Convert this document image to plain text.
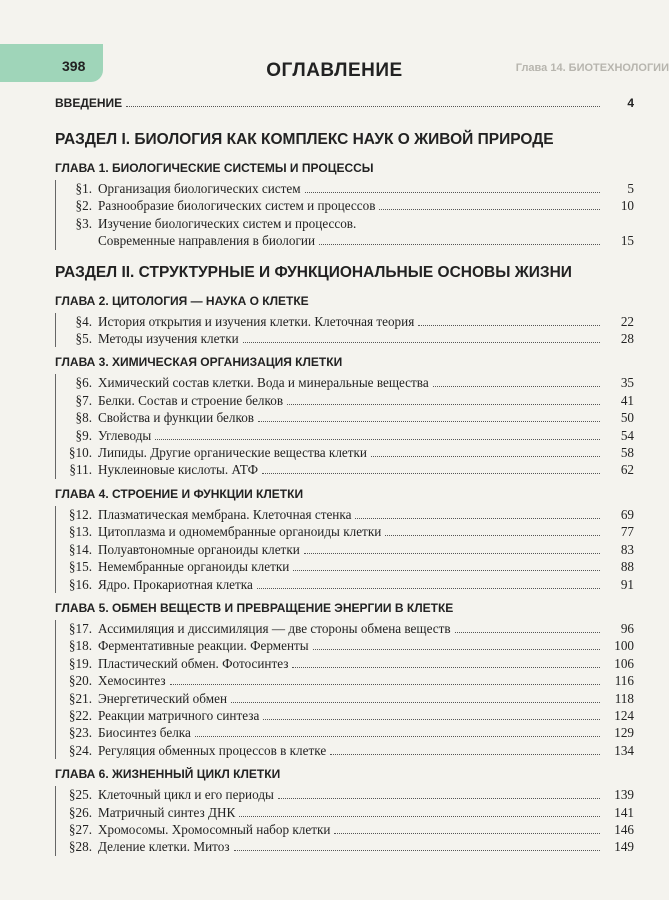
398	Глава 14. БИОТЕХНОЛОГИИ
ОГЛАВЛЕНИЕ
ВВЕДЕНИЕ	4
РАЗДЕЛ I. БИОЛОГИЯ КАК КОМПЛЕКС НАУК О ЖИВОЙ ПРИРОДЕ
ГЛАВА 1. БИОЛОГИЧЕСКИЕ СИСТЕМЫ И ПРОЦЕССЫ
§1. Организация биологических систем	5
§2. Разнообразие биологических систем и процессов	10
§3. Изучение биологических систем и процессов.
Современные направления в биологии	15
РАЗДЕЛ II. СТРУКТУРНЫЕ И ФУНКЦИОНАЛЬНЫЕ ОСНОВЫ ЖИЗНИ
ГЛАВА 2. ЦИТОЛОГИЯ — НАУКА О КЛЕТКЕ
§4. История открытия и изучения клетки. Клеточная теория	22
§5. Методы изучения клетки	28
ГЛАВА 3. ХИМИЧЕСКАЯ ОРГАНИЗАЦИЯ КЛЕТКИ
§6. Химический состав клетки. Вода и минеральные вещества	35
§7. Белки. Состав и строение белков	41
§8. Свойства и функции белков	50
§9. Углеводы	54
§10. Липиды. Другие органические вещества клетки	58
§11. Нуклеиновые кислоты. АТФ	62
ГЛАВА 4. СТРОЕНИЕ И ФУНКЦИИ КЛЕТКИ
§12. Плазматическая мембрана. Клеточная стенка	69
§13. Цитоплазма и одномембранные органоиды клетки	77
§14. Полуавтономные органоиды клетки	83
§15. Немембранные органоиды клетки	88
§16. Ядро. Прокариотная клетка	91
ГЛАВА 5. ОБМЕН ВЕЩЕСТВ И ПРЕВРАЩЕНИЕ ЭНЕРГИИ В КЛЕТКЕ
§17. Ассимиляция и диссимиляция — две стороны обмена веществ	96
§18. Ферментативные реакции. Ферменты	100
§19. Пластический обмен. Фотосинтез	106
§20. Хемосинтез	116
§21. Энергетический обмен	118
§22. Реакции матричного синтеза	124
§23. Биосинтез белка	129
§24. Регуляция обменных процессов в клетке	134
ГЛАВА 6. ЖИЗНЕННЫЙ ЦИКЛ КЛЕТКИ
§25. Клеточный цикл и его периоды	139
§26. Матричный синтез ДНК	141
§27. Хромосомы. Хромосомный набор клетки	146
§28. Деление клетки. Митоз	149
